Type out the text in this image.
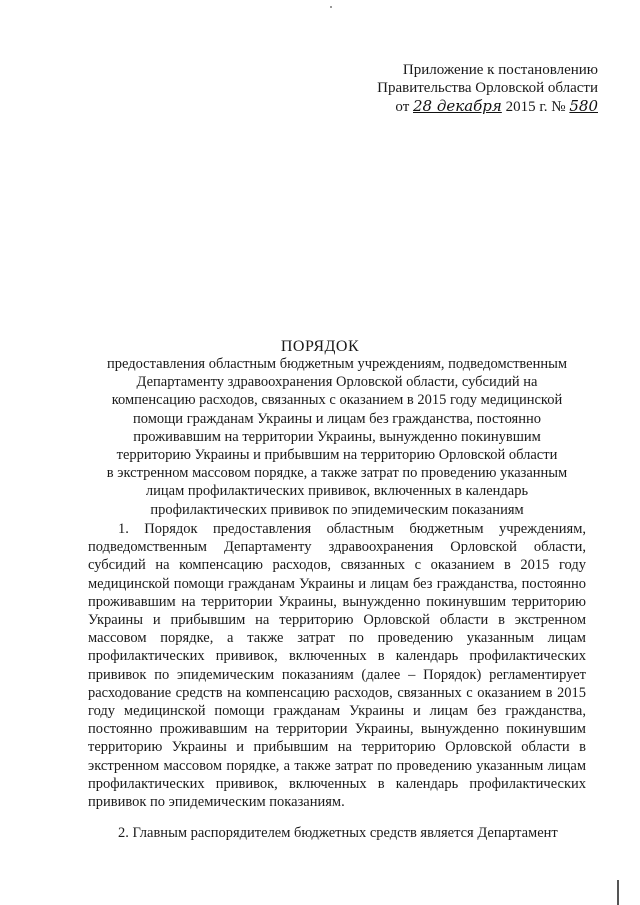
Приложение к постановлению
Правительства Орловской области
от 28 декабря 2015 г. № 580
ПОРЯДОК
предоставления областным бюджетным учреждениям, подведомственным
Департаменту здравоохранения Орловской области, субсидий на
компенсацию расходов, связанных с оказанием в 2015 году медицинской
помощи гражданам Украины и лицам без гражданства, постоянно
проживавшим на территории Украины, вынужденно покинувшим
территорию Украины и прибывшим на территорию Орловской области
в экстренном массовом порядке, а также затрат по проведению указанным
лицам профилактических прививок, включенных в календарь
профилактических прививок по эпидемическим показаниям

1. Порядок предоставления областным бюджетным учреждениям, подведомственным Департаменту здравоохранения Орловской области, субсидий на компенсацию расходов, связанных с оказанием в 2015 году медицинской помощи гражданам Украины и лицам без гражданства, постоянно проживавшим на территории Украины, вынужденно покинувшим территорию Украины и прибывшим на территорию Орловской области в экстренном массовом порядке, а также затрат по проведению указанным лицам профилактических прививок, включенных в календарь профилактических прививок по эпидемическим показаниям (далее – Порядок) регламентирует расходование средств на компенсацию расходов, связанных с оказанием в 2015 году медицинской помощи гражданам Украины и лицам без гражданства, постоянно проживавшим на территории Украины, вынужденно покинувшим территорию Украины и прибывшим на территорию Орловской области в экстренном массовом порядке, а также затрат по проведению указанным лицам профилактических прививок, включенных в календарь профилактических прививок по эпидемическим показаниям.

2. Главным распорядителем бюджетных средств является Департамент
